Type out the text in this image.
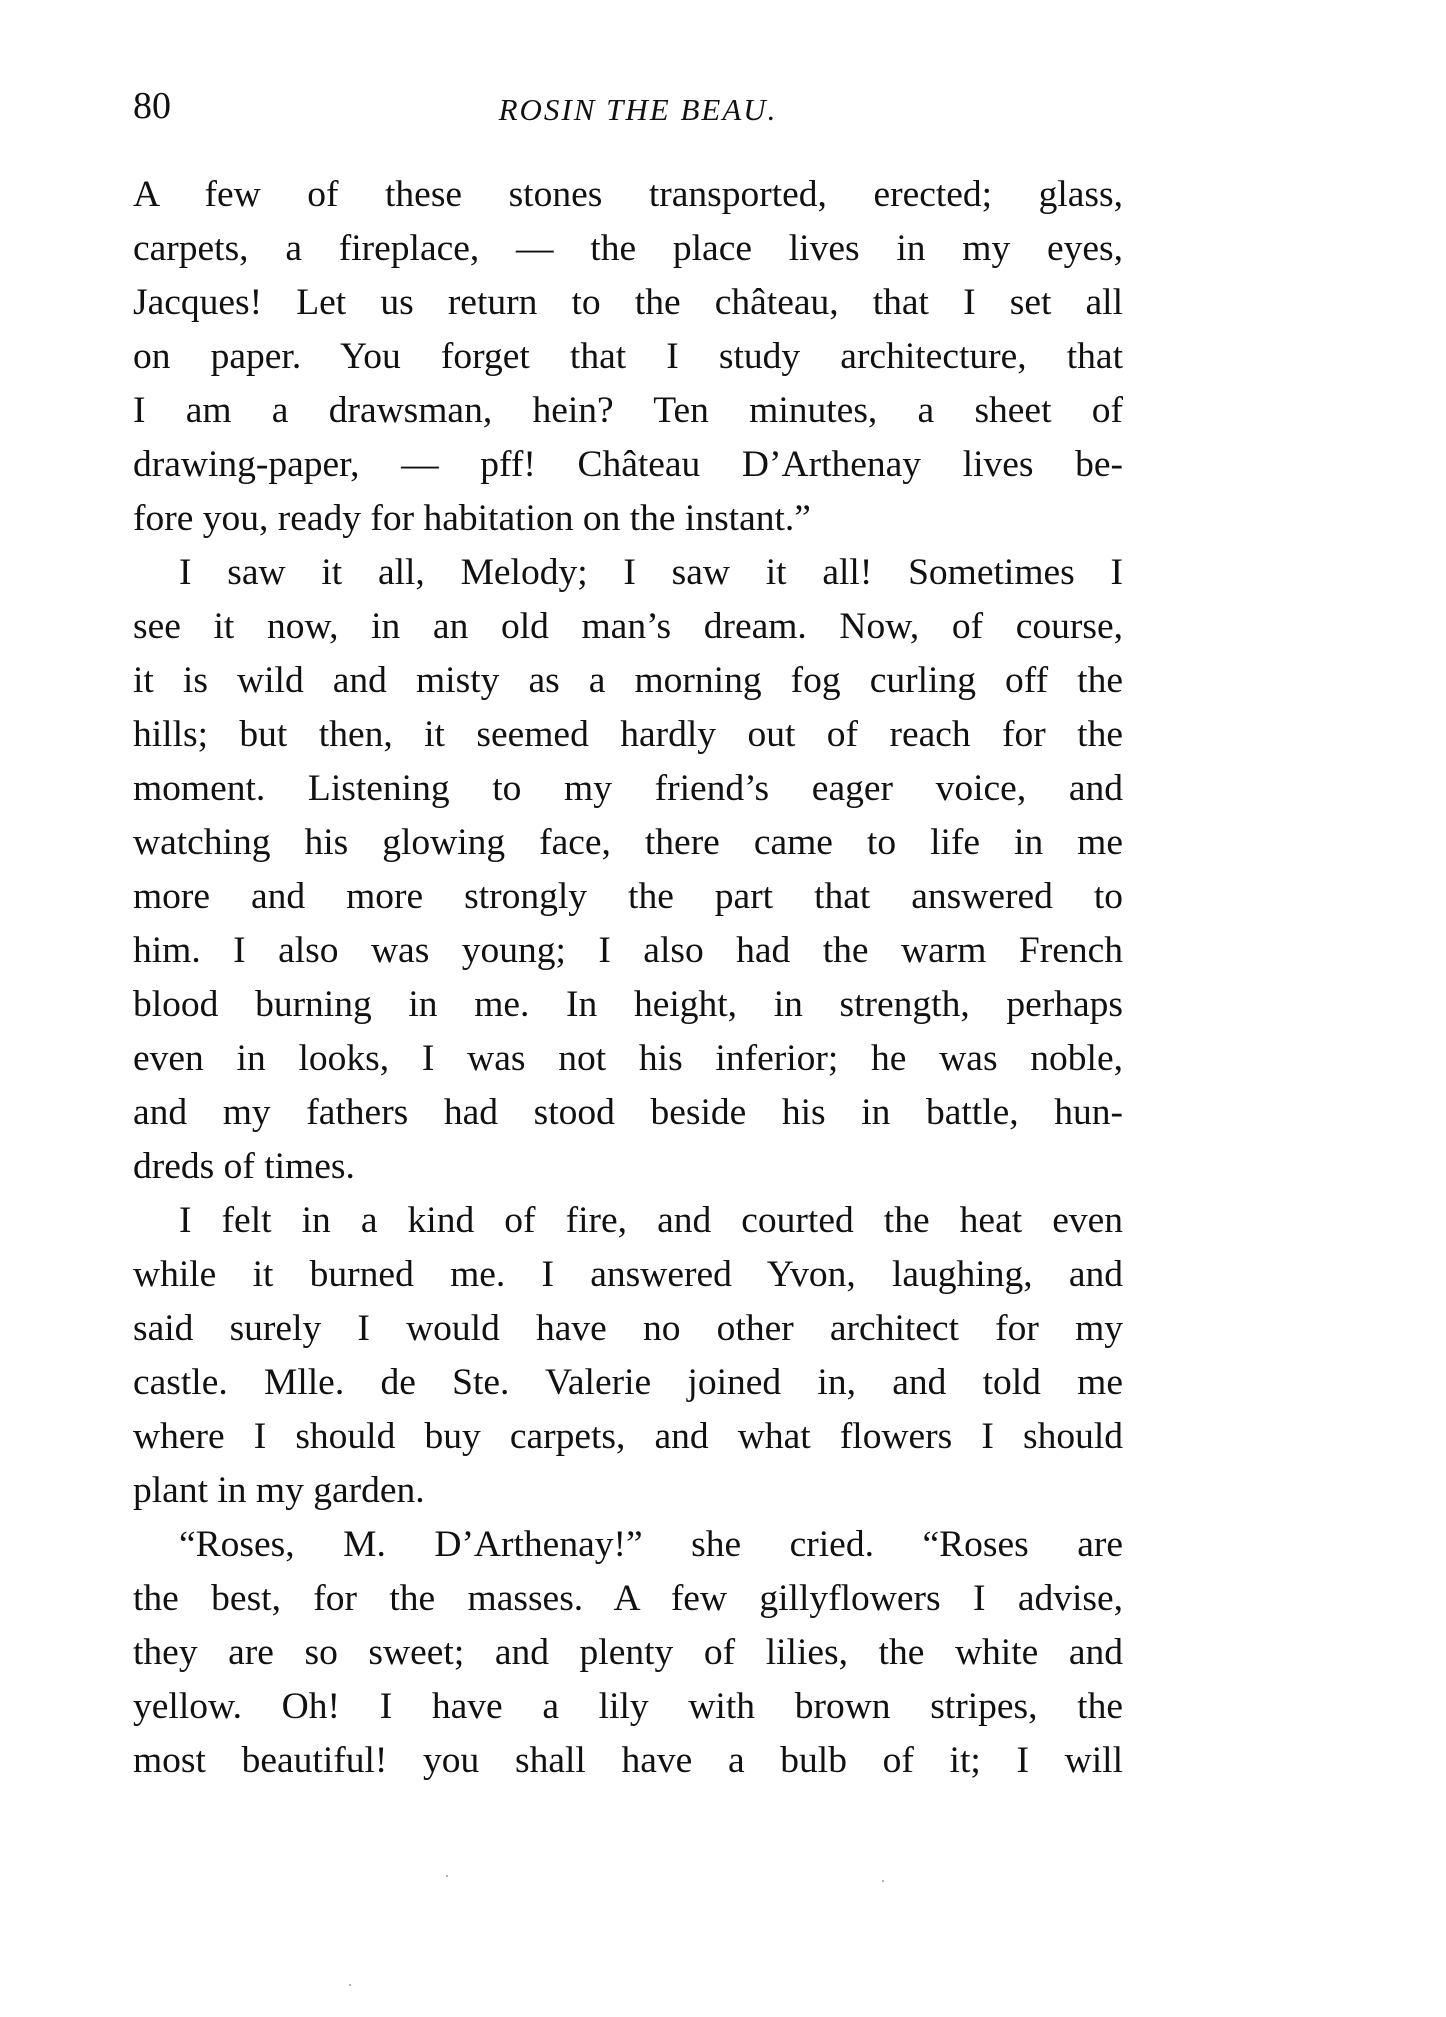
80	ROSIN THE BEAU.
A few of these stones transported, erected; glass,
carpets, a fireplace, — the place lives in my eyes,
Jacques! Let us return to the château, that I set all
on paper. You forget that I study architecture, that
I am a drawsman, hein? Ten minutes, a sheet of
drawing-paper, — pff! Château D’Arthenay lives be-
fore you, ready for habitation on the instant.”
I saw it all, Melody; I saw it all! Sometimes I
see it now, in an old man’s dream. Now, of course,
it is wild and misty as a morning fog curling off the
hills; but then, it seemed hardly out of reach for the
moment. Listening to my friend’s eager voice, and
watching his glowing face, there came to life in me
more and more strongly the part that answered to
him. I also was young; I also had the warm French
blood burning in me. In height, in strength, perhaps
even in looks, I was not his inferior; he was noble,
and my fathers had stood beside his in battle, hun-
dreds of times.
I felt in a kind of fire, and courted the heat even
while it burned me. I answered Yvon, laughing, and
said surely I would have no other architect for my
castle. Mlle. de Ste. Valerie joined in, and told me
where I should buy carpets, and what flowers I should
plant in my garden.
“Roses, M. D’Arthenay!” she cried. “Roses are
the best, for the masses. A few gillyflowers I advise,
they are so sweet; and plenty of lilies, the white and
yellow. Oh! I have a lily with brown stripes, the
most beautiful! you shall have a bulb of it; I will
